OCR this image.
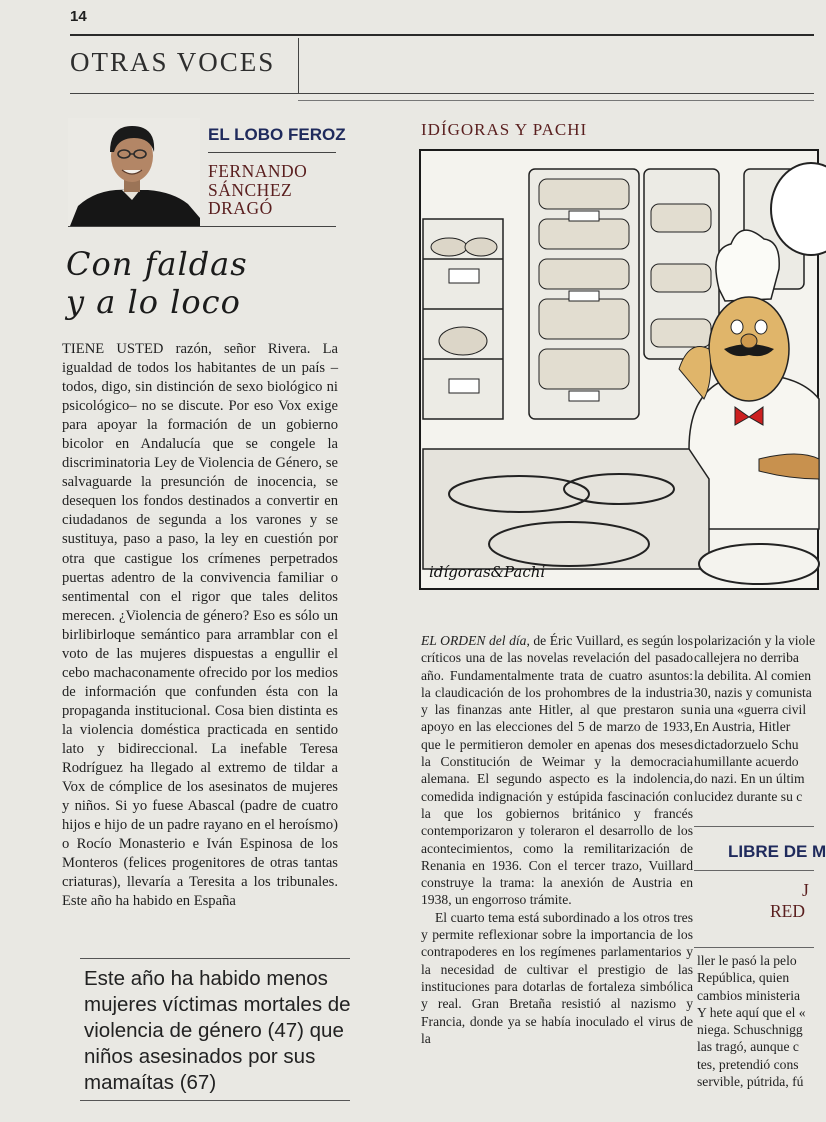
14
OTRAS VOCES
EL LOBO FEROZ
FERNANDO
SÁNCHEZ
DRAGÓ
Con faldas
y a lo loco

TIENE USTED razón, señor Rivera. La igualdad de todos los habitantes de un país –todos, digo, sin distinción de sexo biológico ni psicológico– no se discute. Por eso Vox exige para apoyar la formación de un gobierno bicolor en Andalucía que se congele la discriminatoria Ley de Violencia de Género, se salvaguarde la presunción de inocencia, se desequen los fondos destinados a convertir en ciudadanos de segunda a los varones y se sustituya, paso a paso, la ley en cuestión por otra que castigue los crímenes perpetrados puertas adentro de la convivencia familiar o sentimental con el rigor que tales delitos merecen. ¿Violencia de género? Eso es sólo un birlibirloque semántico para arramblar con el voto de las mujeres dispuestas a engullir el cebo machaconamente ofrecido por los medios de información que confunden ésta con la propaganda institucional. Cosa bien distinta es la violencia doméstica practicada en sentido lato y bidireccional. La inefable Teresa Rodríguez ha llegado al extremo de tildar a Vox de cómplice de los asesinatos de mujeres y niños. Si yo fuese Abascal (padre de cuatro hijos e hijo de un padre rayano en el heroísmo) o Rocío Monasterio e Iván Espinosa de los Monteros (felices progenitores de otras tantas criaturas), llevaría a Teresita a los tribunales. Este año ha habido en España

Este año ha habido menos mujeres víctimas mortales de violencia de género (47) que niños asesinados por sus mamaítas (67)
IDÍGORAS Y PACHI
idígoras&Pachi

EL ORDEN del día, de Éric Vuillard, es según los críticos una de las novelas revelación del pasado año. Fundamentalmente trata de cuatro asuntos: la claudicación de los prohombres de la industria y las finanzas ante Hitler, al que prestaron su apoyo en las elecciones del 5 de marzo de 1933, que le permitieron demoler en apenas dos meses la Constitución de Weimar y la democracia alemana. El segundo aspecto es la indolencia, comedida indignación y estúpida fascinación con la que los gobiernos británico y francés contemporizaron y toleraron el desarrollo de los acontecimientos, como la remilitarización de Renania en 1936. Con el tercer trazo, Vuillard construye la trama: la anexión de Austria en 1938, un engorroso trámite.

El cuarto tema está subordinado a los otros tres y permite reflexionar sobre la importancia de los contrapoderes en los regímenes parlamentarios y la necesidad de cultivar el prestigio de las instituciones para dotarlas de fortaleza simbólica y real. Gran Bretaña resistió al nazismo y Francia, donde ya se había inoculado el virus de la

polarización y la viole
callejera no derriba
la debilita. Al comien
30, nazis y comunista
nia una «guerra civil
En Austria, Hitler
dictadorzuelo Schu
humillante acuerdo
do nazi. En un últim
lucidez durante su c
LIBRE DE M
J
RED
ller le pasó la pelo
República, quien
cambios ministeria
Y hete aquí que el «
niega. Schuschnigg
las tragó, aunque c
tes, pretendió cons
servible, pútrida, fú
